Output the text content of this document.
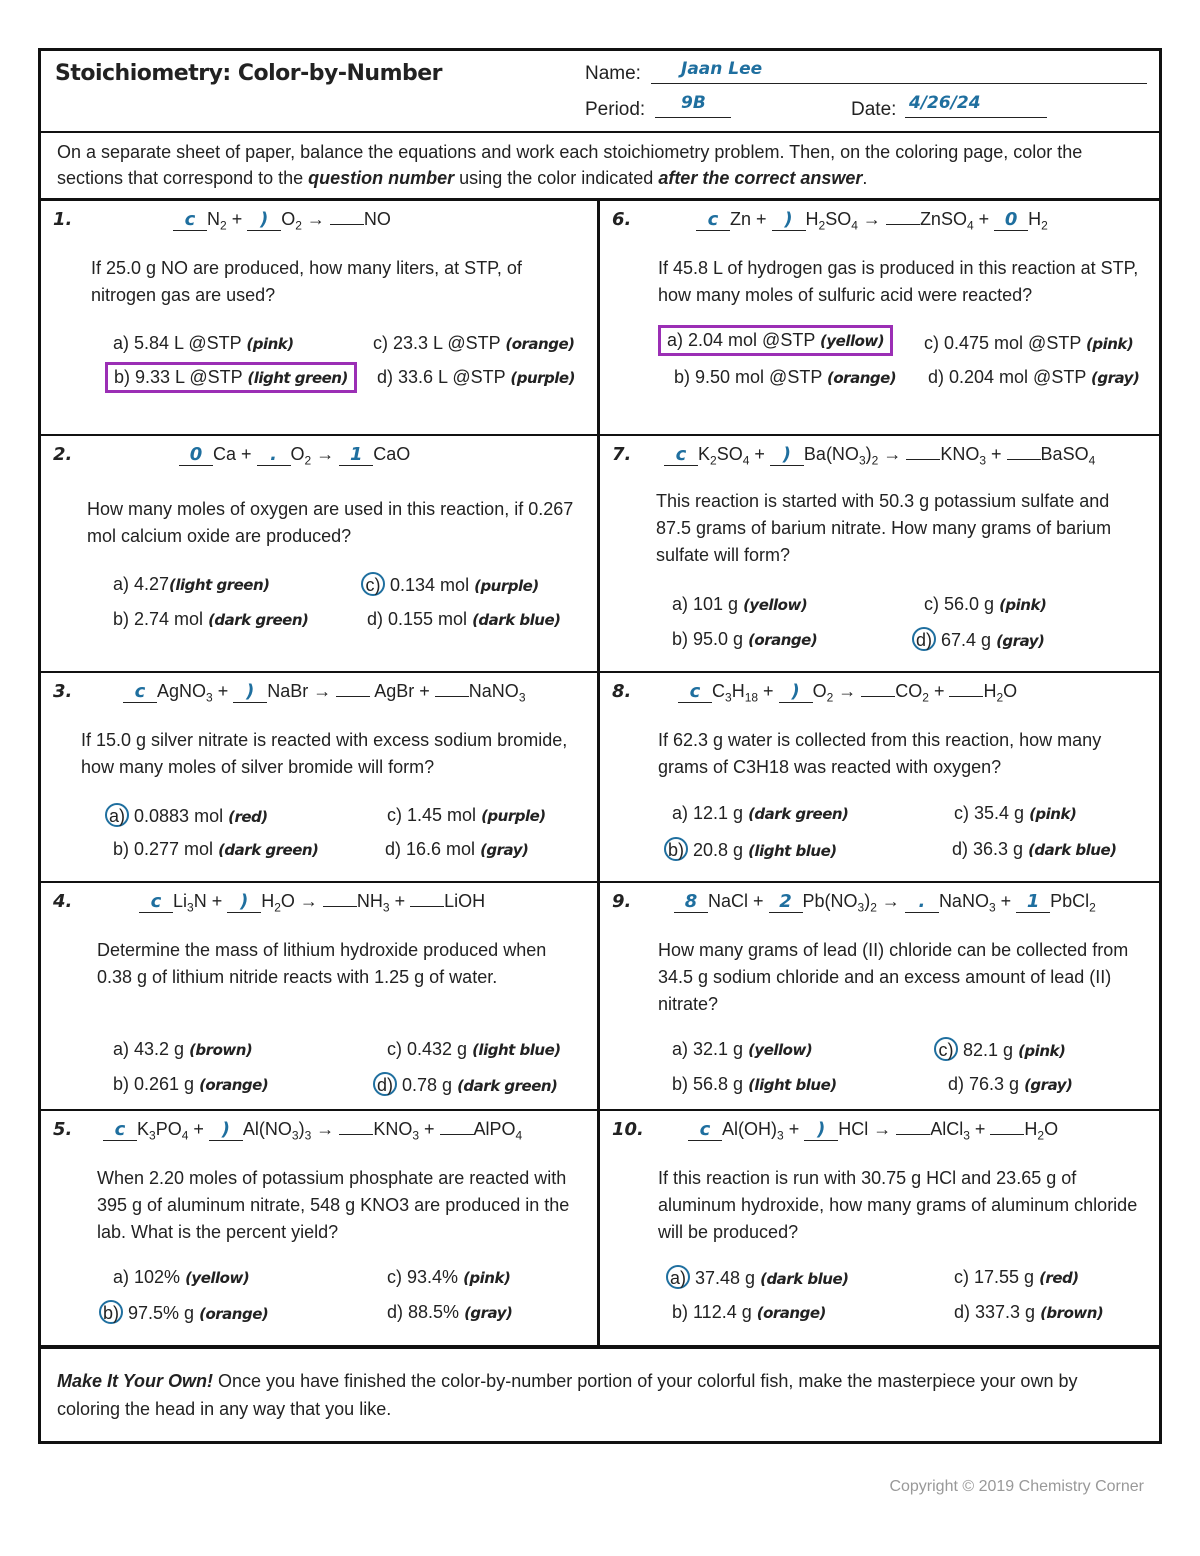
Stoichiometry: Color-by-Number	Name: Jaan Lee
Period: 9B	Date: 4/26/24
On a separate sheet of paper, balance the equations and work each stoichiometry problem. Then, on the coloring page, color the sections that correspond to the question number using the color indicated after the correct answer.
1.	c $N_2$ + ) $O_2$ → NO
If 25.0 g NO are produced, how many liters, at STP, of nitrogen gas are used?
a) 5.84 L @STP (pink)
b) 9.33 L @STP (light green)
c) 23.3 L @STP (orange)
d) 33.6 L @STP (purple)
6.	c Zn + ) $H_2SO_4$ → ZnSO$_4$ + 0 $H_2$
If 45.8 L of hydrogen gas is produced in this reaction at STP, how many moles of sulfuric acid were reacted?
a) 2.04 mol @STP (yellow)
b) 9.50 mol @STP (orange)
c) 0.475 mol @STP (pink)
d) 0.204 mol @STP (gray)
2.	0 Ca + . $O_2 \to 1$ CaO
How many moles of oxygen are used in this reaction, if 0.267 mol calcium oxide are produced?
a) 4.27(light green)
b) 2.74 mol (dark green)
c) 0.134 mol (purple)
d) 0.155 mol (dark blue)
7.	c $K_2SO_4$ + ) $Ba(NO_3)_2 \to KNO_3$ + BaSO$_4$
This reaction is started with 50.3 g potassium sulfate and 87.5 grams of barium nitrate. How many grams of barium sulfate will form?
a) 101 g (yellow)
b) 95.0 g (orange)
c) 56.0 g (pink)
d) 67.4 g (gray)
3.	c AgNO$_3$ + ) NaBr →  AgBr + NaNO$_3$
If 15.0 g silver nitrate is reacted with excess sodium bromide, how many moles of silver bromide will form?
a) 0.0883 mol (red)
b) 0.277 mol (dark green)
c) 1.45 mol (purple)
d) 16.6 mol (gray)
8.	c $C_3H_{18}$ + ) $O_2 \to CO_2 + H_2O$
If 62.3 g water is collected from this reaction, how many grams of C3H18 was reacted with oxygen?
a) 12.1 g (dark green)
b) 20.8 g (light blue)
c) 35.4 g (pink)
d) 36.3 g (dark blue)
4.	c $Li_3N$ + ) $H_2O \to NH_3$ + LiOH
Determine the mass of lithium hydroxide produced when 0.38 g of lithium nitride reacts with 1.25 g of water.
a) 43.2 g (brown)
b) 0.261 g (orange)
c) 0.432 g (light blue)
d) 0.78 g (dark green)
9.	8 NaCl + 2 $Pb(NO_3)_2$ → . NaNO$_3$ + 1 PbCl$_2$
How many grams of lead (II) chloride can be collected from 34.5 g sodium chloride and an excess amount of lead (II) nitrate?
a) 32.1 g (yellow)
b) 56.8 g (light blue)
c) 82.1 g (pink)
d) 76.3 g (gray)
5.	c $K_3PO_4$ + ) $Al(NO_3)_3 \to KNO_3$ + AlPO$_4$
When 2.20 moles of potassium phosphate are reacted with 395 g of aluminum nitrate, 548 g KNO3 are produced in the lab. What is the percent yield?
a) 102% (yellow)
b) 97.5% g (orange)
c) 93.4% (pink)
d) 88.5% (gray)
10.	c $Al(OH)_3$ + ) HCl → AlCl$_3$ + $H_2O$
If this reaction is run with 30.75 g HCl and 23.65 g of aluminum hydroxide, how many grams of aluminum chloride will be produced?
a) 37.48 g (dark blue)
b) 112.4 g (orange)
c) 17.55 g (red)
d) 337.3 g (brown)
Make It Your Own! Once you have finished the color-by-number portion of your colorful fish, make the masterpiece your own by coloring the head in any way that you like.
Copyright © 2019 Chemistry Corner
